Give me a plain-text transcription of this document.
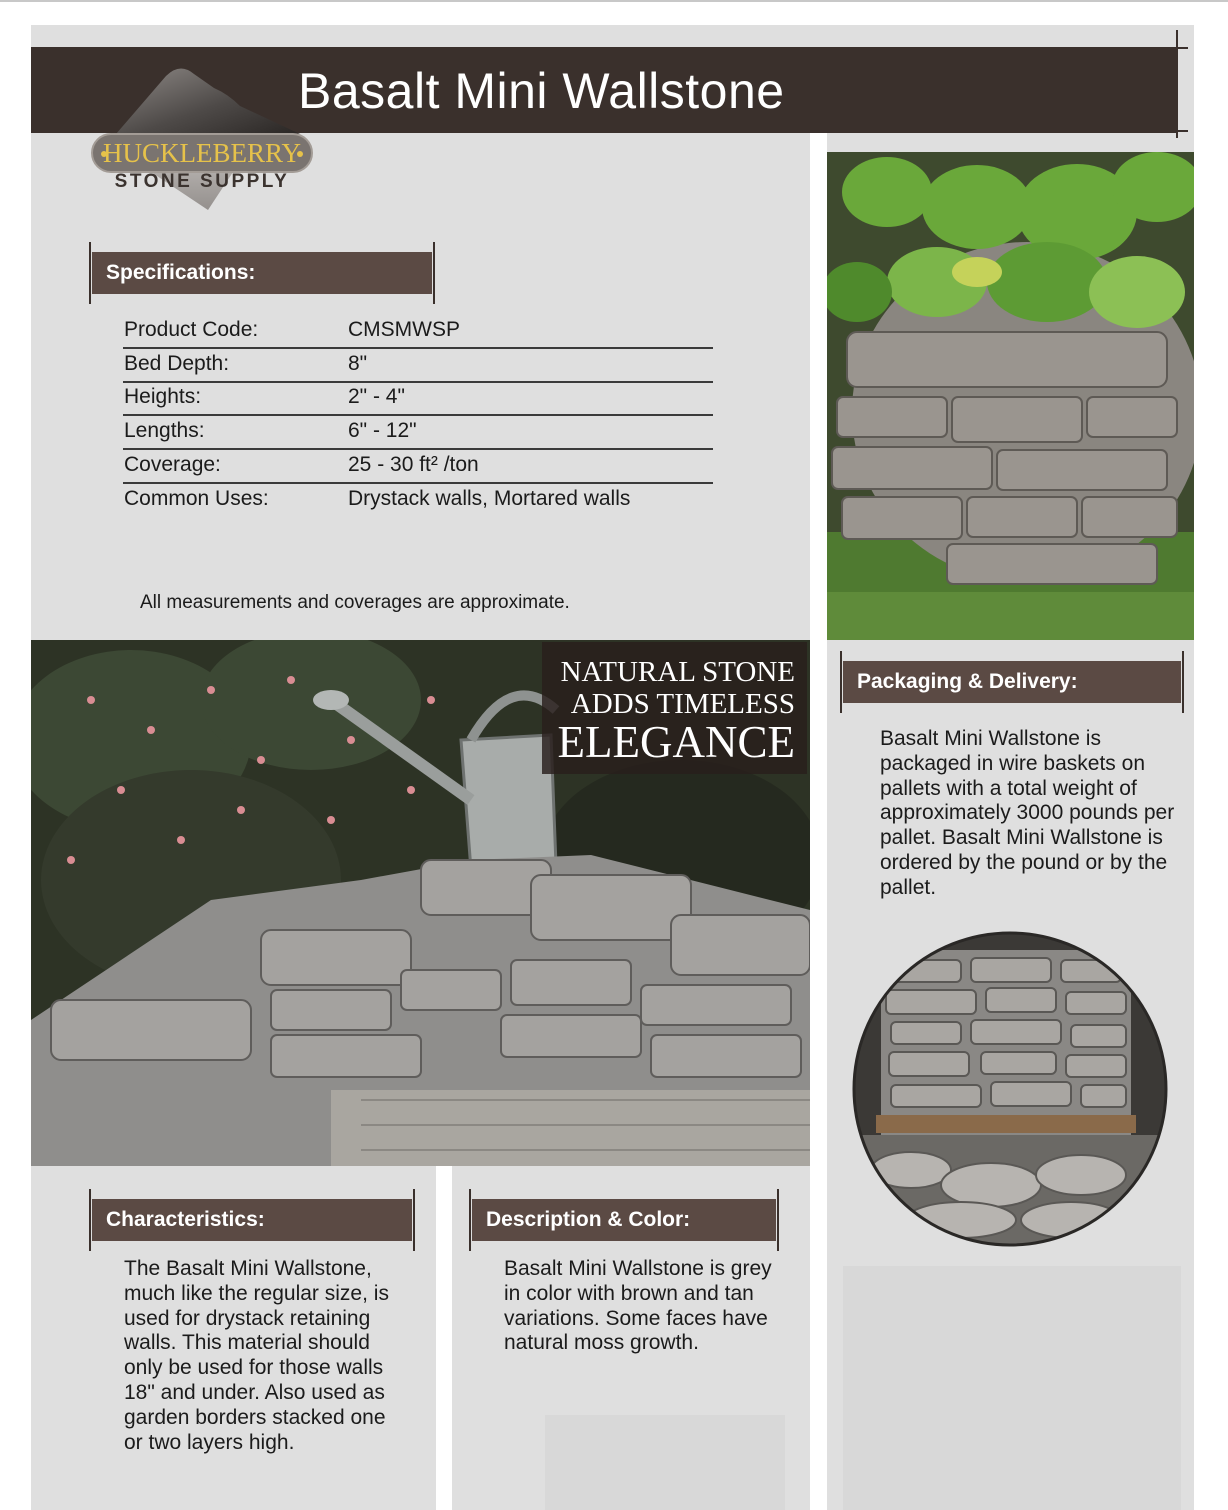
Basalt Mini Wallstone
HUCKLEBERRY
STONE SUPPLY
Specifications:
Product Code:	CMSMWSP
Bed Depth:	8"
Heights:	2" - 4"
Lengths:	6" - 12"
Coverage:	25 - 30 ft² /ton
Common Uses:	Drystack walls, Mortared walls
All measurements and coverages are approximate.
NATURAL STONE
ADDS TIMELESS
ELEGANCE
Packaging & Delivery:
Basalt Mini Wallstone is packaged in wire baskets on pallets with a total weight of approximately 3000 pounds per pallet. Basalt Mini Wallstone is ordered by the pound or by the pallet.
Characteristics:
The Basalt Mini Wallstone, much like the regular size, is used for drystack retaining walls. This material should only be used for those walls 18" and under. Also used as garden borders stacked one or two layers high.
Description & Color:
Basalt Mini Wallstone is grey in color with brown and tan variations. Some faces have natural moss growth.
